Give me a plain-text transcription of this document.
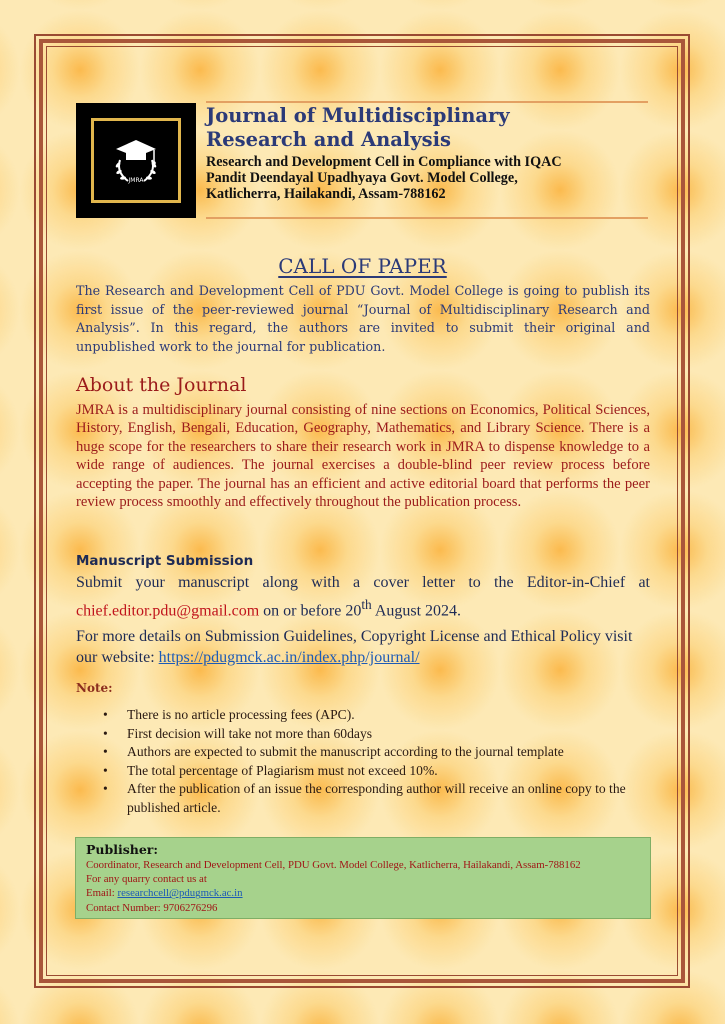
JMRA
Journal of Multidisciplinary
Research and Analysis
Research and Development Cell in Compliance with IQAC
Pandit Deendayal Upadhyaya Govt. Model College,
Katlicherra, Hailakandi, Assam-788162
CALL OF PAPER

The Research and Development Cell of PDU Govt. Model College is going to publish its first issue of the peer-reviewed journal “Journal of Multidisciplinary Research and Analysis”. In this regard, the authors are invited to submit their original and unpublished work to the journal for publication.

About the Journal

JMRA is a multidisciplinary journal consisting of nine sections on Economics, Political Sciences, History, English, Bengali, Education, Geography, Mathematics, and Library Science. There is a huge scope for the researchers to share their research work in JMRA to dispense knowledge to a wide range of audiences. The journal exercises a double-blind peer review process before accepting the paper. The journal has an efficient and active editorial board that performs the peer review process smoothly and effectively throughout the publication process.

Manuscript Submission

Submit your manuscript along with a cover letter to the Editor-in-Chief at chief.editor.pdu@gmail.com on or before 20th August 2024.

For more details on Submission Guidelines, Copyright License and Ethical Policy visit our website: https://pdugmck.ac.in/index.php/journal/

Note:
• There is no article processing fees (APC).
• First decision will take not more than 60days
• Authors are expected to submit the manuscript according to the journal template
• The total percentage of Plagiarism must not exceed 10%.
• After the publication of an issue the corresponding author will receive an online copy to the published article.
Publisher:
Coordinator, Research and Development Cell, PDU Govt. Model College, Katlicherra, Hailakandi, Assam-788162
For any quarry contact us at
Email: researchcell@pdugmck.ac.in
Contact Number: 9706276296
